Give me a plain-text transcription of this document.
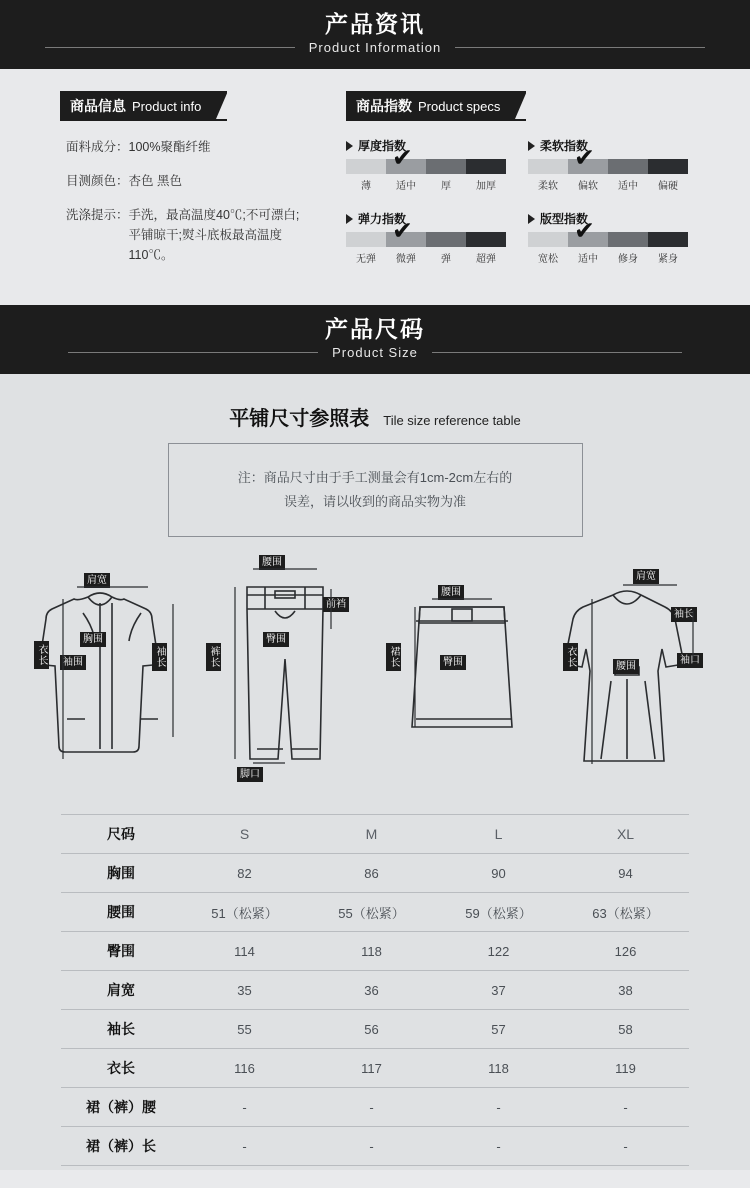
产品资讯
Product Information
商品信息 Product info
面料成分： 100%聚酯纤维
目测颜色： 杏色 黑色
洗涤提示： 手洗，最高温度40℃;不可漂白;平铺晾干;熨斗底板最高温度110℃。
商品指数 Product specs
厚度指数
✔
薄	适中	厚	加厚
柔软指数
✔
柔软	偏软	适中	偏硬
弹力指数
✔
无弹	微弹	弹	超弹
版型指数
✔
宽松	适中	修身	紧身
产品尺码
Product Size
平铺尺寸参照表 Tile size reference table
注：商品尺寸由于手工测量会有1cm-2cm左右的
误差，请以收到的商品实物为准
肩宽
胸围
衣长	袖围	袖长
腰围
臀围
前裆
裤长
脚口
腰围
臀围
裙长
肩宽
袖长
腰围
袖口
衣长
尺码	S	M	L	XL
胸围	82	86	90	94
腰围	51（松紧）	55（松紧）	59（松紧）	63（松紧）
臀围	114	118	122	126
肩宽	35	36	37	38
袖长	55	56	57	58
衣长	116	117	118	119
裙（裤）腰	-	-	-	-
裙（裤）长	-	-	-	-
